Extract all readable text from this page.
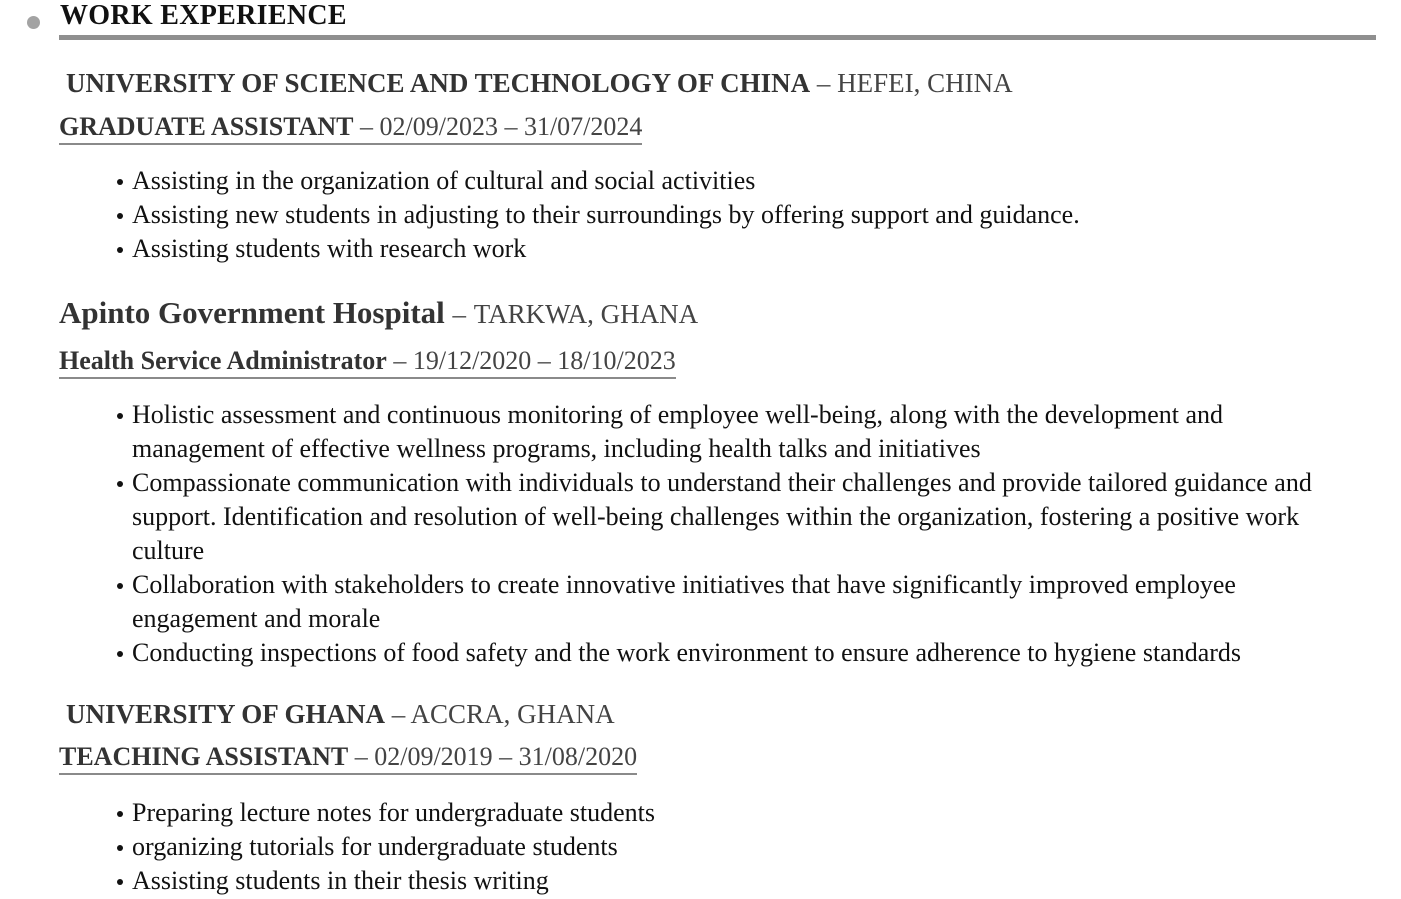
WORK EXPERIENCE
UNIVERSITY OF SCIENCE AND TECHNOLOGY OF CHINA – HEFEI, CHINA
GRADUATE ASSISTANT – 02/09/2023 – 31/07/2024
Assisting in the organization of cultural and social activities
Assisting new students in adjusting to their surroundings by offering support and guidance.
Assisting students with research work
Apinto Government Hospital – TARKWA, GHANA
Health Service Administrator – 19/12/2020 – 18/10/2023
Holistic assessment and continuous monitoring of employee well-being, along with the development and management of effective wellness programs, including health talks and initiatives
Compassionate communication with individuals to understand their challenges and provide tailored guidance and support. Identification and resolution of well-being challenges within the organization, fostering a positive work culture
Collaboration with stakeholders to create innovative initiatives that have significantly improved employee engagement and morale
Conducting inspections of food safety and the work environment to ensure adherence to hygiene standards
UNIVERSITY OF GHANA – ACCRA, GHANA
TEACHING ASSISTANT – 02/09/2019 – 31/08/2020
Preparing lecture notes for undergraduate students
organizing tutorials for undergraduate students
Assisting students in their thesis writing
